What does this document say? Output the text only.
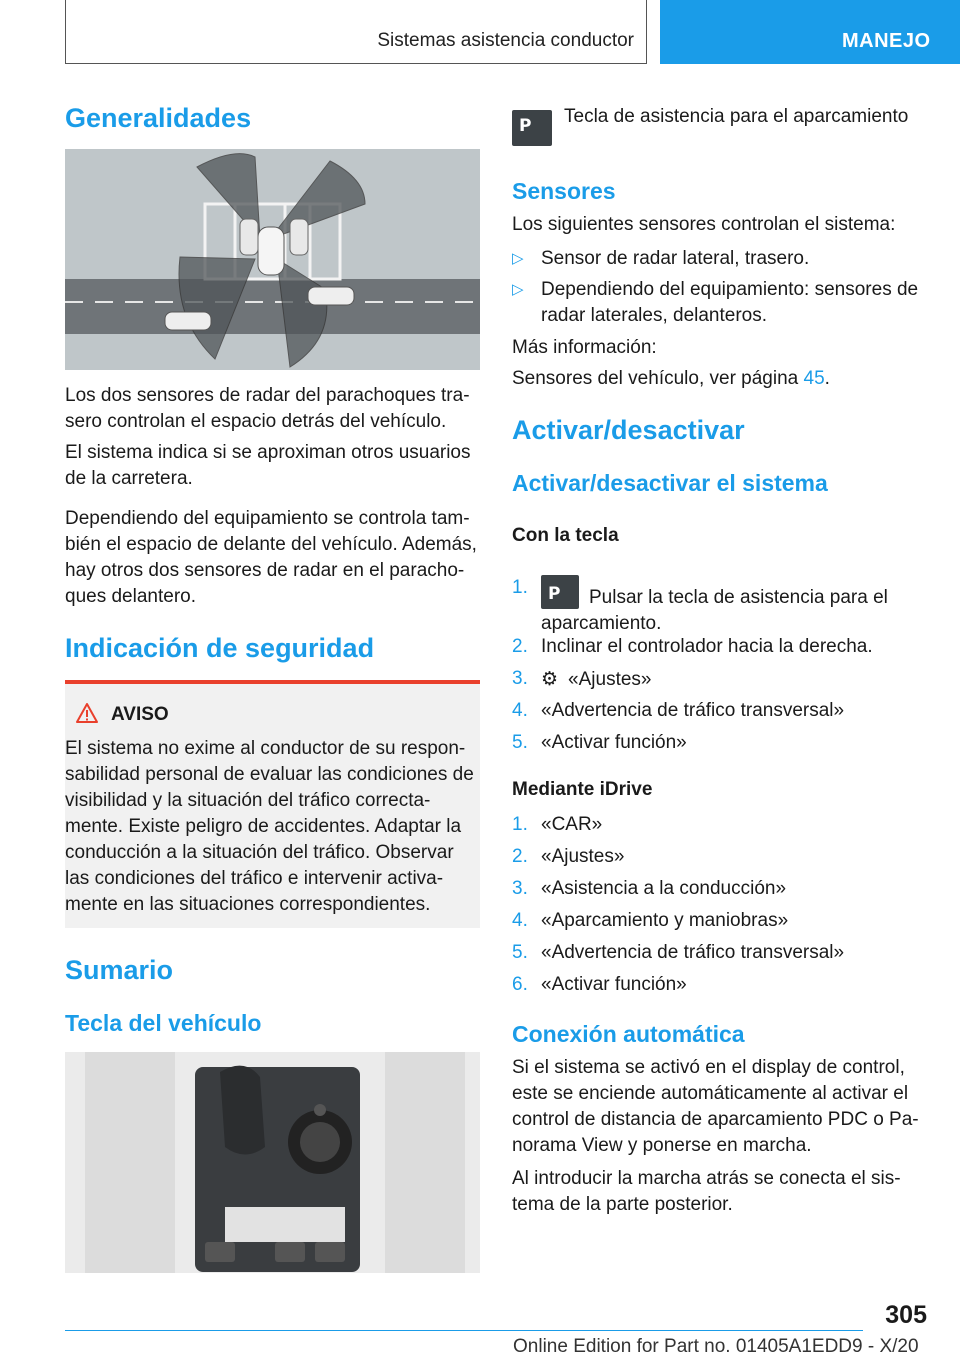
Sistemas asistencia conductor	MANEJO
Generalidades
Los dos sensores de radar del parachoques tra-sero controlan el espacio detrás del vehículo.
El sistema indica si se aproximan otros usuarios de la carretera.
Dependiendo del equipamiento se controla tam-bién el espacio de delante del vehículo. Además, hay otros dos sensores de radar en el paracho-ques delantero.
Indicación de seguridad
AVISO
El sistema no exime al conductor de su respon-sabilidad personal de evaluar las condiciones de visibilidad y la situación del tráfico correcta-mente. Existe peligro de accidentes. Adaptar la conducción a la situación del tráfico. Observar las condiciones del tráfico e intervenir activa-mente en las situaciones correspondientes.
Sumario
Tecla del vehículo
P Tecla de asistencia para el aparcamiento
Sensores
Los siguientes sensores controlan el sistema:
▷ Sensor de radar lateral, trasero.
▷ Dependiendo del equipamiento: sensores de radar laterales, delanteros.
Más información:
Sensores del vehículo, ver página 45.
Activar/desactivar
Activar/desactivar el sistema
Con la tecla
1. P Pulsar la tecla de asistencia para el aparcamiento.
2. Inclinar el controlador hacia la derecha.
3. ⚙ «Ajustes»
4. «Advertencia de tráfico transversal»
5. «Activar función»
Mediante iDrive
1. «CAR»
2. «Ajustes»
3. «Asistencia a la conducción»
4. «Aparcamiento y maniobras»
5. «Advertencia de tráfico transversal»
6. «Activar función»
Conexión automática
Si el sistema se activó en el display de control, este se enciende automáticamente al activar el control de distancia de aparcamiento PDC o Pa-norama View y ponerse en marcha.
Al introducir la marcha atrás se conecta el sis-tema de la parte posterior.
305
Online Edition for Part no. 01405A1EDD9 - X/20
